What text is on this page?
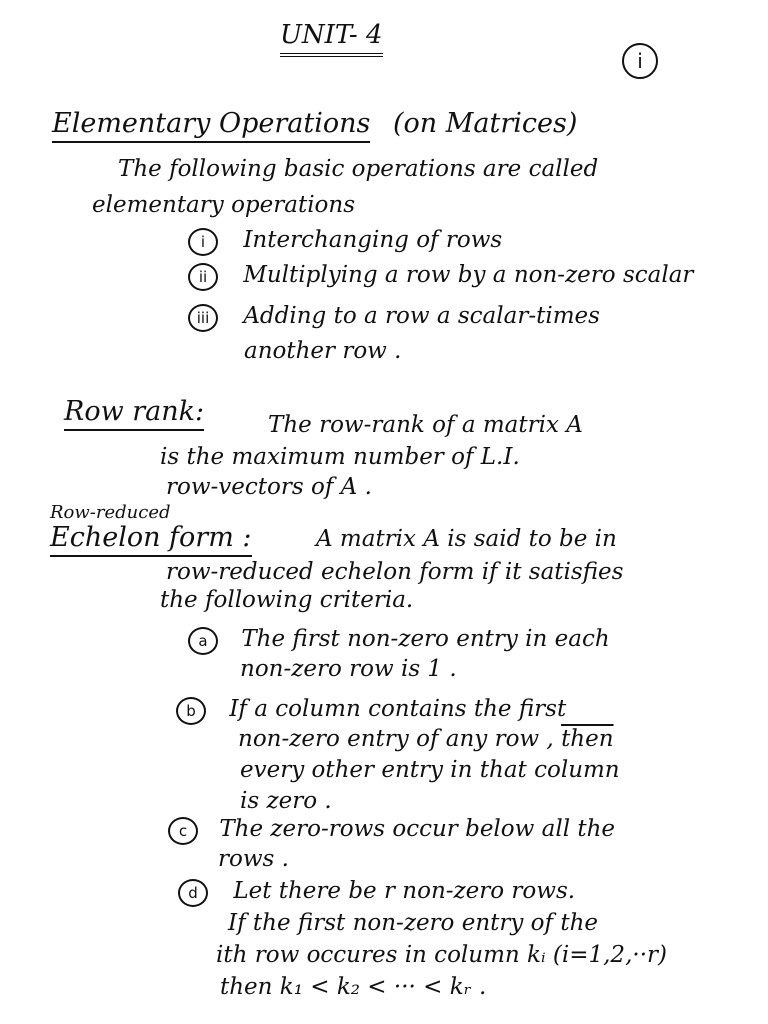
UNIT- 4
i
Elementary Operations (on Matrices)
The following basic operations are called
elementary operations
i Interchanging of rows
ii Multiplying a row by a non-zero scalar
iii Adding to a row a scalar-times
another row .
Row rank:	The row-rank of a matrix A
is the maximum number of L.I.
row-vectors of A .
Row-reduced
Echelon form :	A matrix A is said to be in
row-reduced echelon form if it satisfies
the following criteria.
a The first non-zero entry in each
non-zero row is 1 .
b If a column contains the first
non-zero entry of any row , then
every other entry in that column
is zero .
c The zero-rows occur below all the
rows .
d Let there be r non-zero rows.
If the first non-zero entry of the
ith row occures in column kᵢ (i=1,2,··r)
then k₁ < k₂ < ··· < kᵣ .
